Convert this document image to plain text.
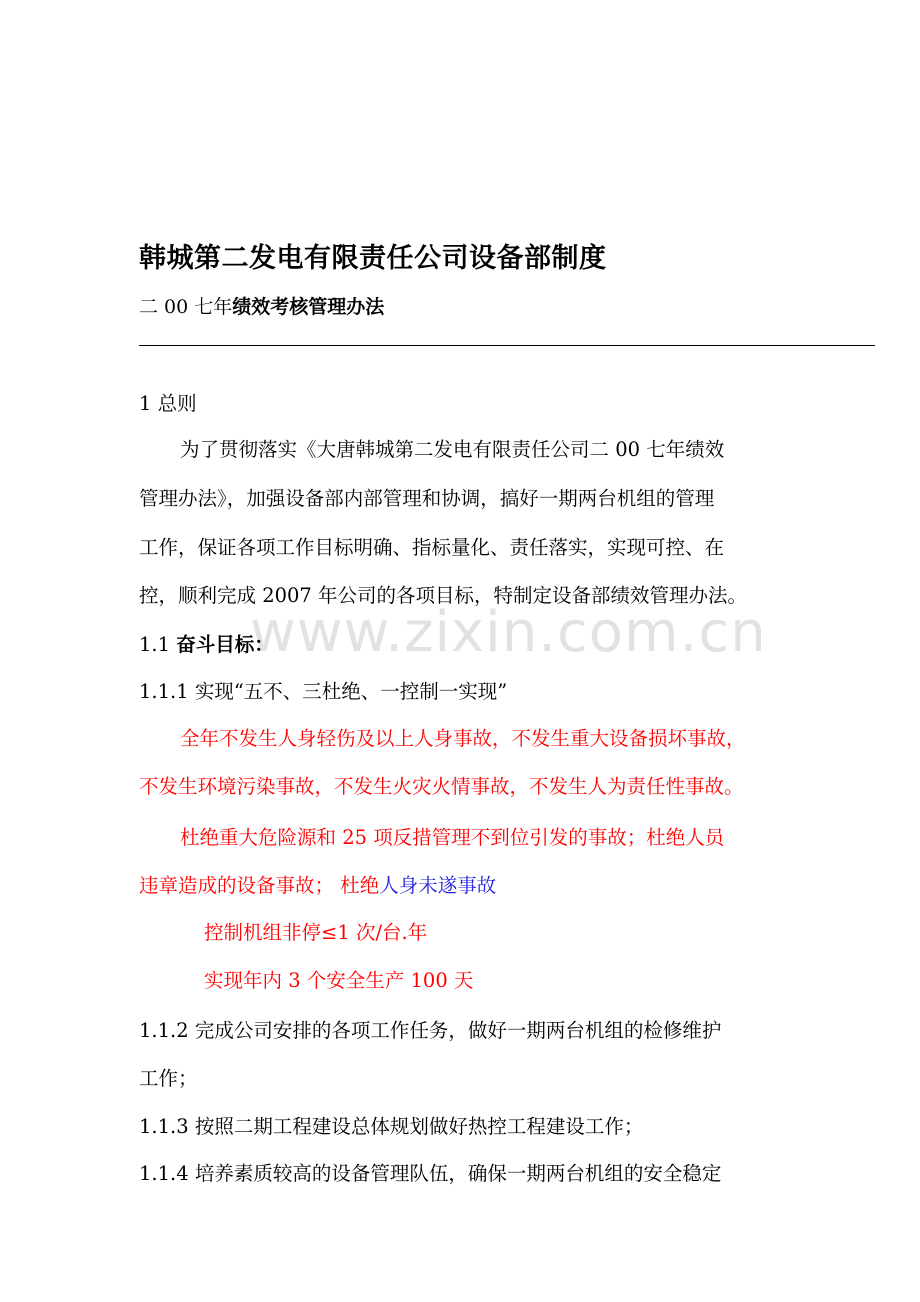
www.zixin.com.cn
韩城第二发电有限责任公司设备部制度
二 00 七年绩效考核管理办法
1 总则
为了贯彻落实《大唐韩城第二发电有限责任公司二 00 七年绩效
管理办法》，加强设备部内部管理和协调，搞好一期两台机组的管理
工作，保证各项工作目标明确、指标量化、责任落实，实现可控、在
控，顺利完成 2007 年公司的各项目标，特制定设备部绩效管理办法。
1.1 奋斗目标：
1.1.1 实现“五不、三杜绝、一控制一实现”
全年不发生人身轻伤及以上人身事故，不发生重大设备损坏事故，
不发生环境污染事故，不发生火灾火情事故，不发生人为责任性事故。
杜绝重大危险源和 25 项反措管理不到位引发的事故；杜绝人员
违章造成的设备事故； 杜绝人身未遂事故
控制机组非停≤1 次/台.年
实现年内 3 个安全生产 100 天
1.1.2 完成公司安排的各项工作任务，做好一期两台机组的检修维护
工作；
1.1.3 按照二期工程建设总体规划做好热控工程建设工作；
1.1.4 培养素质较高的设备管理队伍，确保一期两台机组的安全稳定
